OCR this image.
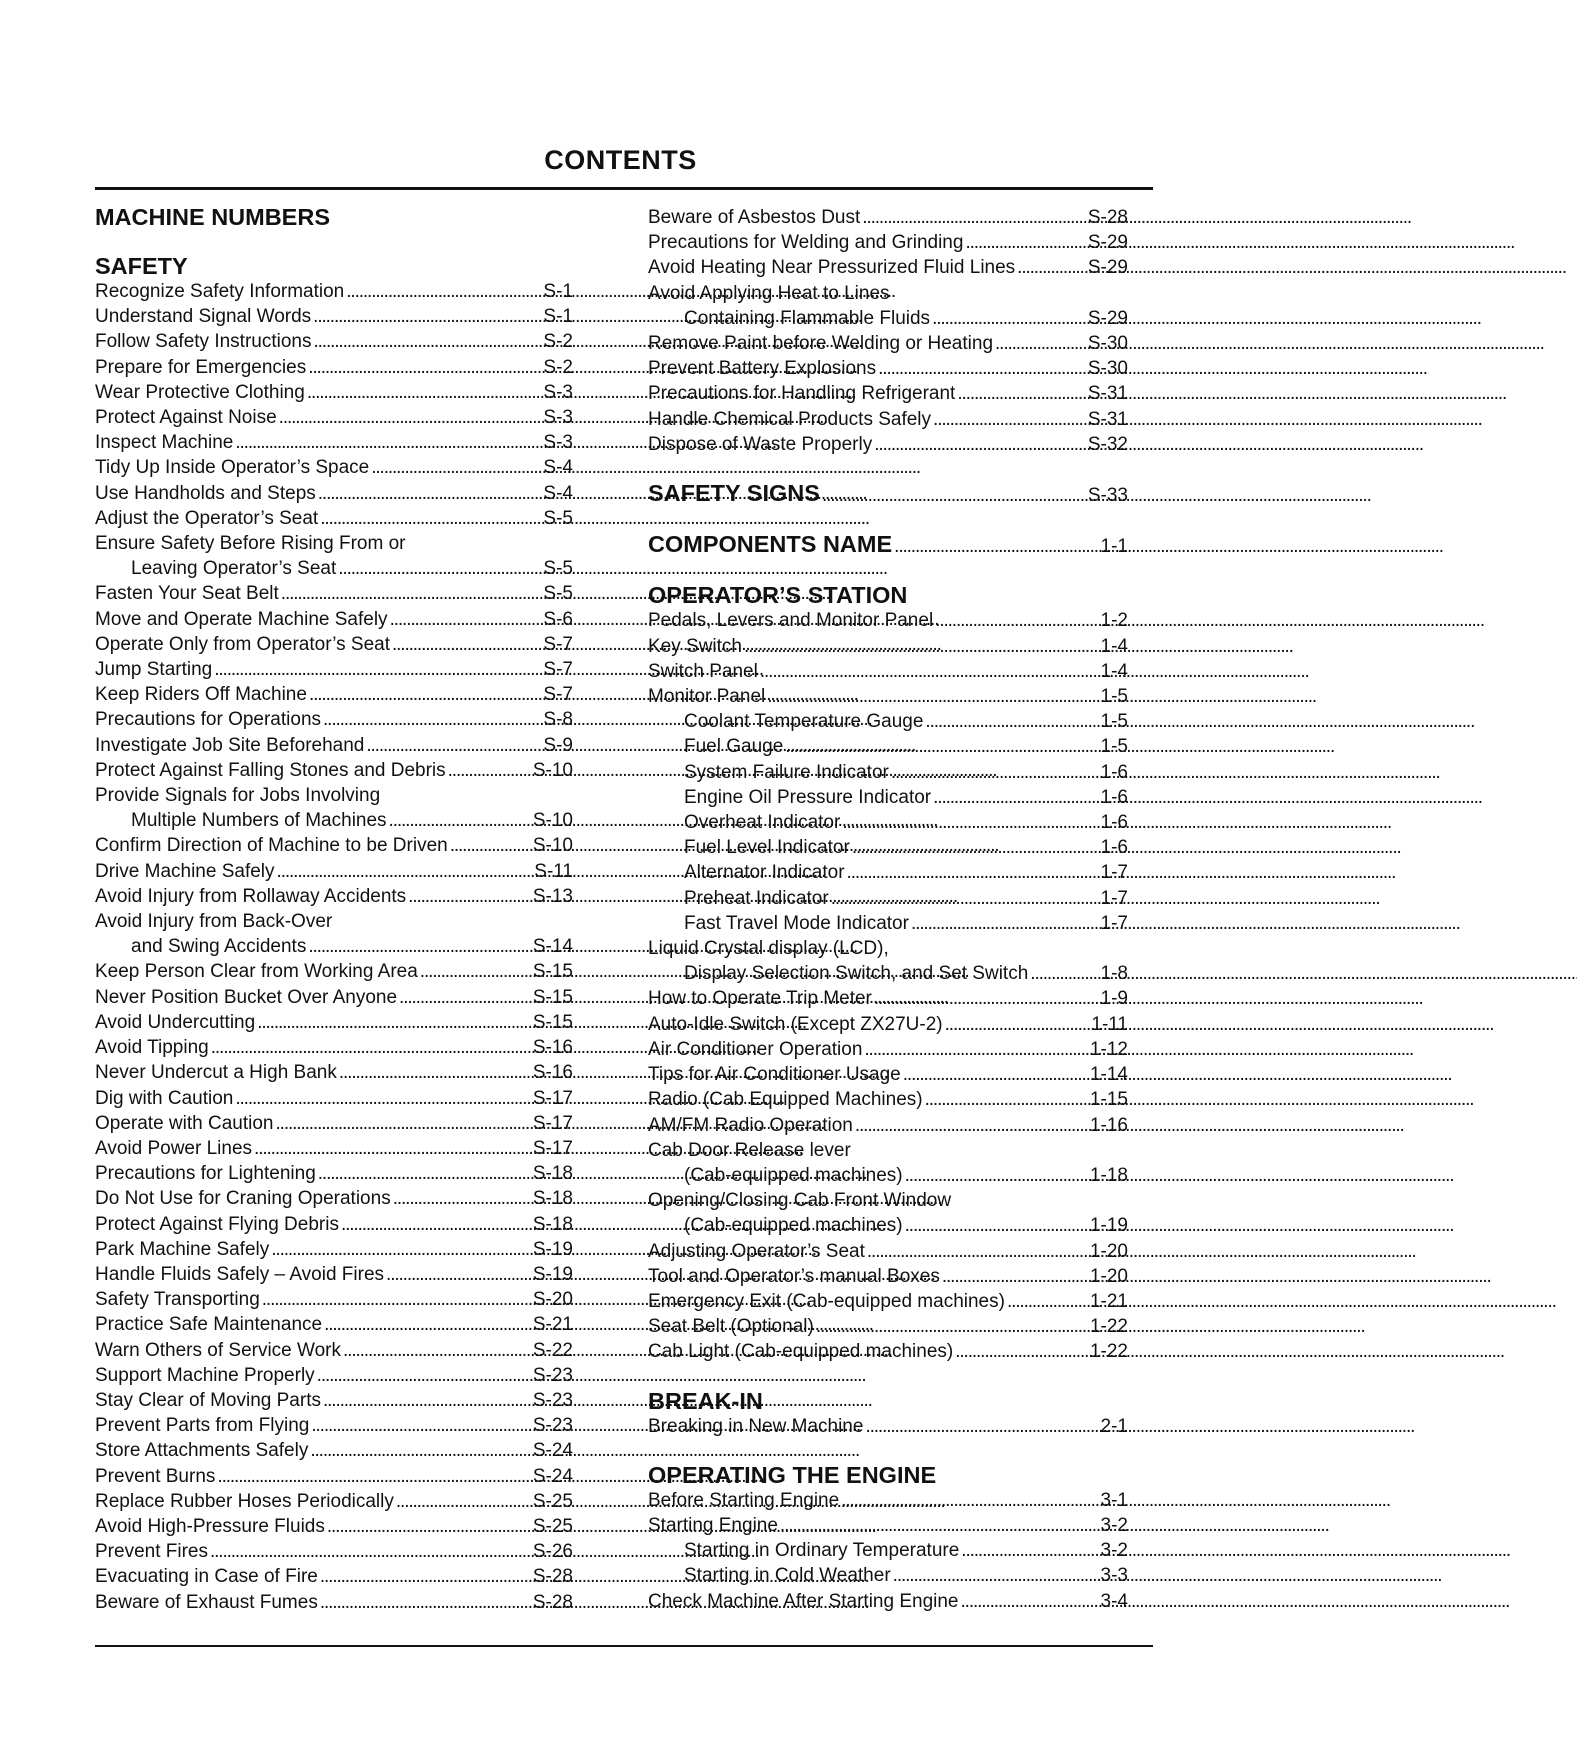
CONTENTS
MACHINE NUMBERS
SAFETY
Recognize Safety Information . . .	S-1
Understand Signal Words . . .	S-1
Follow Safety Instructions . . .	S-2
Prepare for Emergencies . . .	S-2
Wear Protective Clothing . . .	S-3
Protect Against Noise . . .	S-3
Inspect Machine . . .	S-3
Tidy Up Inside Operator’s Space . . .	S-4
Use Handholds and Steps . . .	S-4
Adjust the Operator’s Seat . . .	S-5
Ensure Safety Before Rising From or
Leaving Operator’s Seat . . .	S-5
Fasten Your Seat Belt . . .	S-5
Move and Operate Machine Safely . . .	S-6
Operate Only from Operator’s Seat . . .	S-7
Jump Starting . . .	S-7
Keep Riders Off Machine . . .	S-7
Precautions for Operations . . .	S-8
Investigate Job Site Beforehand . . .	S-9
Protect Against Falling Stones and Debris . . .	S-10
Provide Signals for Jobs Involving
Multiple Numbers of Machines . . .	S-10
Confirm Direction of Machine to be Driven . . .	S-10
Drive Machine Safely . . .	S-11
Avoid Injury from Rollaway Accidents . . .	S-13
Avoid Injury from Back-Over
and Swing Accidents . . .	S-14
Keep Person Clear from Working Area . . .	S-15
Never Position Bucket Over Anyone . . .	S-15
Avoid Undercutting . . .	S-15
Avoid Tipping . . .	S-16
Never Undercut a High Bank . . .	S-16
Dig with Caution . . .	S-17
Operate with Caution . . .	S-17
Avoid Power Lines . . .	S-17
Precautions for Lightening . . .	S-18
Do Not Use for Craning Operations . . .	S-18
Protect Against Flying Debris . . .	S-18
Park Machine Safely . . .	S-19
Handle Fluids Safely – Avoid Fires . . .	S-19
Safety Transporting . . .	S-20
Practice Safe Maintenance . . .	S-21
Warn Others of Service Work . . .	S-22
Support Machine Properly . . .	S-23
Stay Clear of Moving Parts . . .	S-23
Prevent Parts from Flying . . .	S-23
Store Attachments Safely . . .	S-24
Prevent Burns . . .	S-24
Replace Rubber Hoses Periodically . . .	S-25
Avoid High-Pressure Fluids . . .	S-25
Prevent Fires . . .	S-26
Evacuating in Case of Fire . . .	S-28
Beware of Exhaust Fumes . . .	S-28
Beware of Asbestos Dust . . .	S-28
Precautions for Welding and Grinding . . .	S-29
Avoid Heating Near Pressurized Fluid Lines . . .	S-29
Avoid Applying Heat to Lines
Containing Flammable Fluids . . .	S-29
Remove Paint before Welding or Heating . . .	S-30
Prevent Battery Explosions . . .	S-30
Precautions for Handling Refrigerant . . .	S-31
Handle Chemical Products Safely . . .	S-31
Dispose of Waste Properly . . .	S-32
SAFETY SIGNS . . .	S-33
COMPONENTS NAME . . .	1-1
OPERATOR’S STATION
Pedals, Levers and Monitor Panel . . .	1-2
Key Switch . . .	1-4
Switch Panel . . .	1-4
Monitor Panel . . .	1-5
Coolant Temperature Gauge . . .	1-5
Fuel Gauge . . .	1-5
System Failure Indicator . . .	1-6
Engine Oil Pressure Indicator . . .	1-6
Overheat Indicator . . .	1-6
Fuel Level Indicator . . .	1-6
Alternator Indicator . . .	1-7
Preheat Indicator . . .	1-7
Fast Travel Mode Indicator . . .	1-7
Liquid Crystal display (LCD),
Display Selection Switch, and Set Switch . . .	1-8
How to Operate Trip Meter . . .	1-9
Auto-Idle Switch (Except ZX27U-2) . . .	1-11
Air Conditioner Operation . . .	1-12
Tips for Air Conditioner Usage . . .	1-14
Radio (Cab Equipped Machines) . . .	1-15
AM/FM Radio Operation . . .	1-16
Cab Door Release lever
(Cab-equipped machines) . . .	1-18
Opening/Closing Cab Front Window
(Cab-equipped machines) . . .	1-19
Adjusting Operator’s Seat . . .	1-20
Tool and Operator’s manual Boxes . . .	1-20
Emergency Exit (Cab-equipped machines) . . .	1-21
Seat Belt (Optional) . . .	1-22
Cab Light (Cab-equipped machines) . . .	1-22
BREAK-IN
Breaking in New Machine . . .	2-1
OPERATING THE ENGINE
Before Starting Engine . . .	3-1
Starting Engine . . .	3-2
Starting in Ordinary Temperature . . .	3-2
Starting in Cold Weather . . .	3-3
Check Machine After Starting Engine . . .	3-4
